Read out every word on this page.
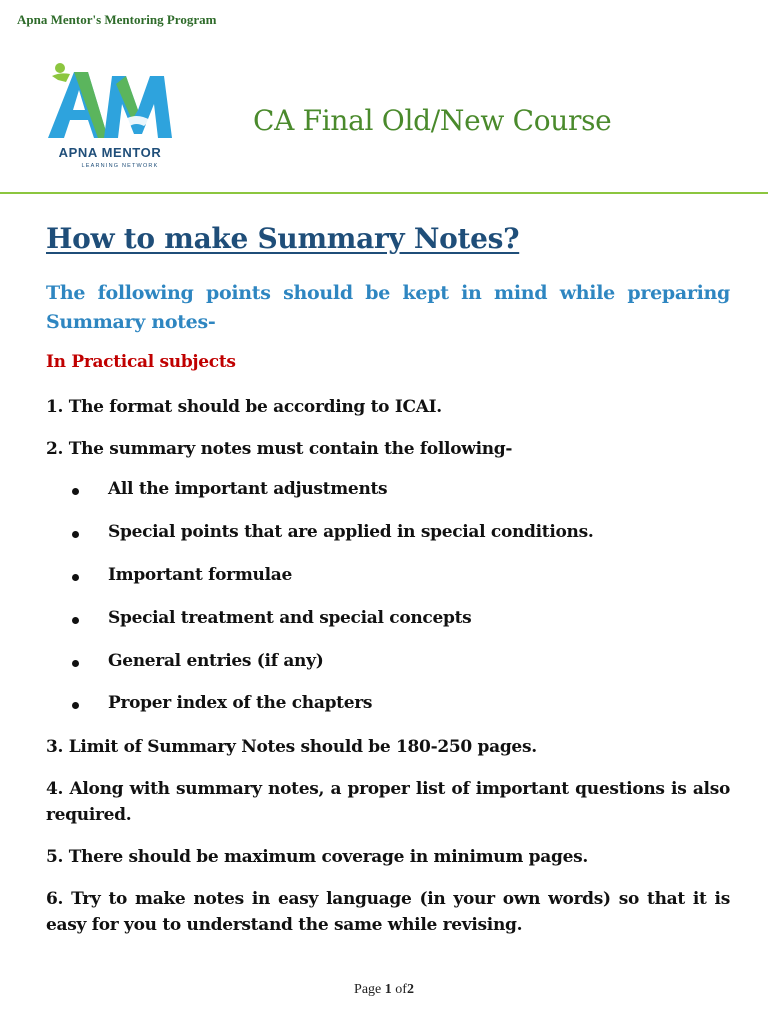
Apna Mentor's Mentoring Program
APNA MENTOR
LEARNING NETWORK
CA Final Old/New Course
How to make Summary Notes?
The following points should be kept in mind while preparing Summary notes-
In Practical subjects
1. The format should be according to ICAI.
2. The summary notes must contain the following-
All the important adjustments
Special points that are applied in special conditions.
Important formulae
Special treatment and special concepts
General entries (if any)
Proper index of the chapters
3. Limit of Summary Notes should be 180-250 pages.
4. Along with summary notes, a proper list of important questions is also required.
5. There should be maximum coverage in minimum pages.
6. Try to make notes in easy language (in your own words) so that it is easy for you to understand the same while revising.
Page 1 of2
